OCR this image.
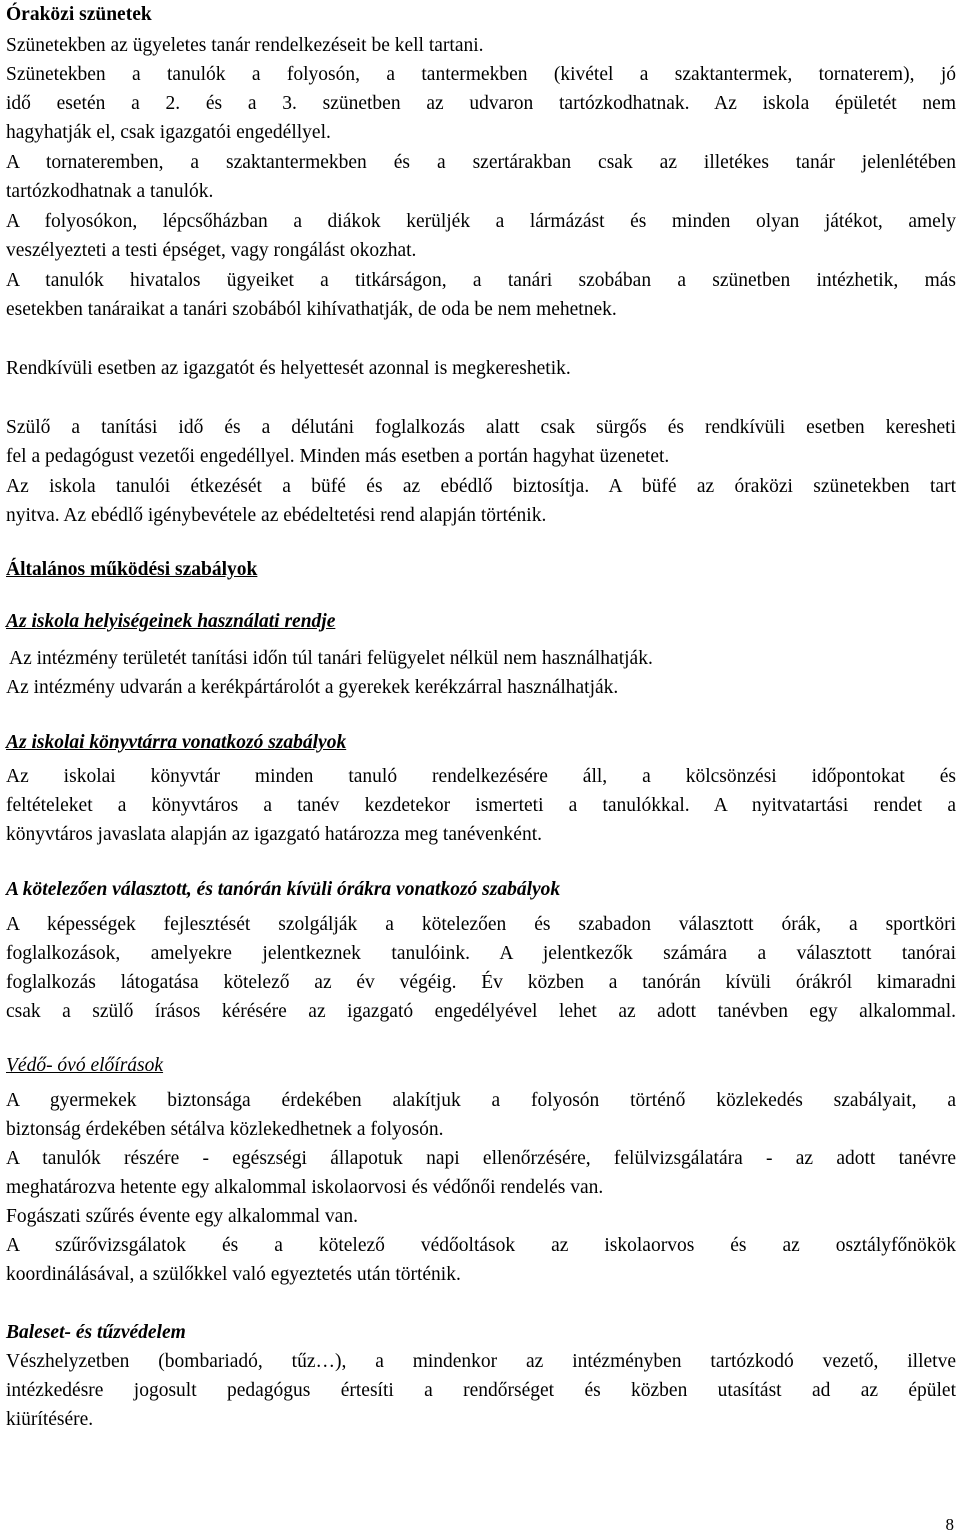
Óraközi szünetek
Szünetekben az ügyeletes tanár rendelkezéseit be kell tartani.
Szünetekben a tanulók a folyosón, a tantermekben (kivétel a szaktantermek, tornaterem), jó
idő esetén a 2. és a 3. szünetben az udvaron tartózkodhatnak. Az iskola épületét nem
hagyhatják el, csak igazgatói engedéllyel.
A tornateremben, a szaktantermekben és a szertárakban csak az illetékes tanár jelenlétében
tartózkodhatnak a tanulók.
A folyosókon, lépcsőházban a diákok kerüljék a lármázást és minden olyan játékot, amely
veszélyezteti a testi épséget, vagy rongálást okozhat.
A tanulók hivatalos ügyeiket a titkárságon, a tanári szobában a szünetben intézhetik, más
esetekben tanáraikat a tanári szobából kihívathatják, de oda be nem mehetnek.
Rendkívüli esetben az igazgatót és helyettesét azonnal is megkereshetik.
Szülő a tanítási idő és a délutáni foglalkozás alatt csak sürgős és rendkívüli esetben keresheti
fel a pedagógust vezetői engedéllyel. Minden más esetben a portán hagyhat üzenetet.
Az iskola tanulói étkezését a büfé és az ebédlő biztosítja. A büfé az óraközi szünetekben tart
nyitva. Az ebédlő igénybevétele az ebédeltetési rend alapján történik.
Általános működési szabályok
Az iskola helyiségeinek használati rendje
Az intézmény területét tanítási időn túl tanári felügyelet nélkül nem használhatják.
Az intézmény udvarán a kerékpártárolót a gyerekek kerékzárral használhatják.
Az iskolai könyvtárra vonatkozó szabályok
Az iskolai könyvtár minden tanuló rendelkezésére áll, a kölcsönzési időpontokat és
feltételeket a könyvtáros a tanév kezdetekor ismerteti a tanulókkal. A nyitvatartási rendet a
könyvtáros javaslata alapján az igazgató határozza meg tanévenként.
A kötelezően választott, és tanórán kívüli órákra vonatkozó szabályok
A képességek fejlesztését szolgálják a kötelezően és szabadon választott órák, a sportköri
foglalkozások, amelyekre jelentkeznek tanulóink. A jelentkezők számára a választott tanórai
foglalkozás látogatása kötelező az év végéig. Év közben a tanórán kívüli órákról kimaradni
csak a szülő írásos kérésére az igazgató engedélyével lehet az adott tanévben egy alkalommal.
Védő- óvó előírások
A gyermekek biztonsága érdekében alakítjuk a folyosón történő közlekedés szabályait, a
biztonság érdekében sétálva közlekedhetnek a folyosón.
A tanulók részére - egészségi állapotuk napi ellenőrzésére, felülvizsgálatára - az adott tanévre
meghatározva hetente egy alkalommal iskolaorvosi és védőnői rendelés van.
Fogászati szűrés évente egy alkalommal van.
A szűrővizsgálatok és a kötelező védőoltások az iskolaorvos és az osztályfőnökök
koordinálásával, a szülőkkel való egyeztetés után történik.
Baleset- és tűzvédelem
Vészhelyzetben (bombariadó, tűz…), a mindenkor az intézményben tartózkodó vezető, illetve
intézkedésre jogosult pedagógus értesíti a rendőrséget és közben utasítást ad az épület
kiürítésére.
8
